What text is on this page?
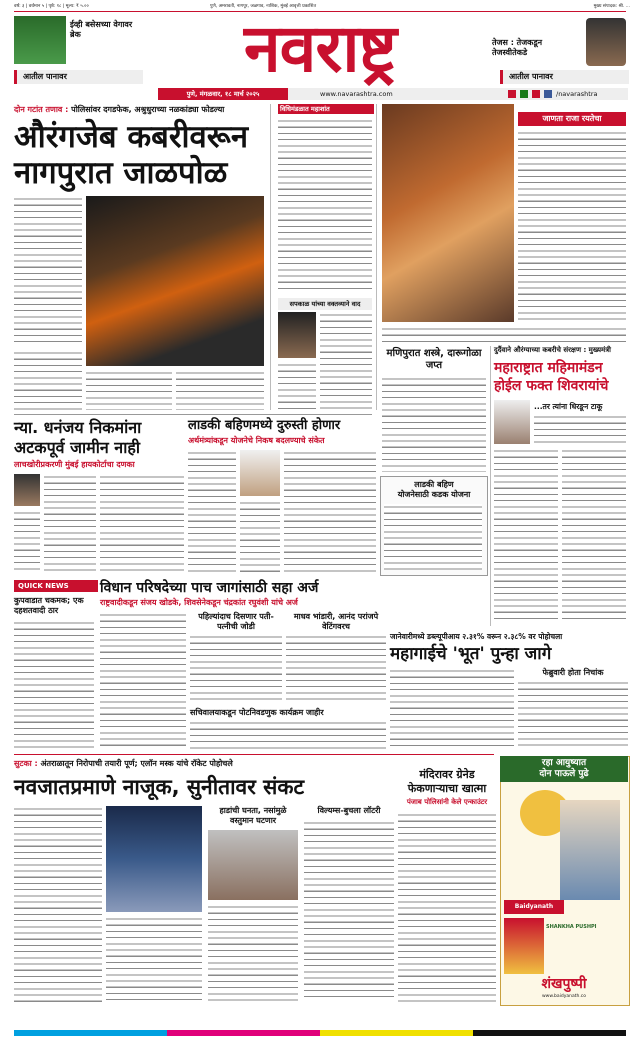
वर्ष: ३ | वर्धमान ५ | पृष्ठे: १८ | मूल्य: ₹ ५.००	पुणे, अमरावती, नागपूर, जळगाव, नाशिक, मुंबई आवृत्ती प्रकाशित	मुख्य संपादक: श्री. ...
ईव्ही बसेसच्या वेगावर ब्रेक
आतील पानावर	नवराष्ट्र	तेजस : तेजकडून तेजस्वीतेकडे
आतील पानावर
पुणे, मंगळवार, १८ मार्च २०२५	www.navarashtra.com	/navarashtra
दोन गटांत तणाव : पोलिसांवर दगडफेक, अश्रुधुराच्या नळकांड्या फोडल्या
औरंगजेब कबरीवरून
नागपुरात जाळपोळ
विधिमंडळात महाशांत
सपकाळ यांच्या वक्तव्याने वाद
जाणता राजा रयतेचा
मणिपुरात शस्त्रे, दारूगोळा जप्त
दुर्दैवाने औरंग्याच्या कबरीचे संरक्षण : मुख्यमंत्री
महाराष्ट्रात महिमामंडन
होईल फक्त शिवरायांचे
...तर त्यांना धिरङून टाकू
न्या. धनंजय निकमांना
अटकपूर्व जामीन नाही
लाचखोरीप्रकरणी मुंबई हायकोर्टाचा दणका
लाडकी बहिणमध्ये दुरुस्ती होणार
अर्थमंत्र्यांकडून योजनेचे निकष बदलण्याचे संकेत
लाडकी बहिण
योजनेसाठी कडक योजना
QUICK NEWS
कुपवाडात चकमक; एक दहशतवादी ठार
विधान परिषदेच्या पाच जागांसाठी सहा अर्ज
राष्ट्रवादीकडून संजय खोडके, शिवसेनेकडून चंद्रकांत रघुवंशी यांचे अर्ज
पहिल्यांदाच दिसणार पती-पत्नीची जोडी
माधव भांडारी, आनंद परांजपे वेटिंगवरच
सचिवालयाकडून पोटनिवडणुक कार्यक्रम जाहीर
जानेवारीमध्ये डब्ल्यूपीआय २.३१% वरून २.३८% वर पोहोचला
महागाईचे 'भूत' पुन्हा जागे
फेब्रुवारी होता निचांक
सुटका : अंतराळातून निरोपाची तयारी पूर्ण; एलॉन मस्क यांचे रॉकेट पोहोचले
नवजातप्रमाणे नाजूक, सुनीतावर संकट
हाडांची घनता, नसांमुळे वस्तुमान घटणार
विल्यम्स-बुचला लॉटरी
मंदिरावर ग्रेनेड
फेकणाऱ्याचा खात्मा
पंजाब पोलिसांनी केले एन्काउंटर
रहा आयुष्यात
दोन पाऊले पुढे
Baidyanath
SHANKHA PUSHPI
शंखपुष्पी
www.baidyanath.co
